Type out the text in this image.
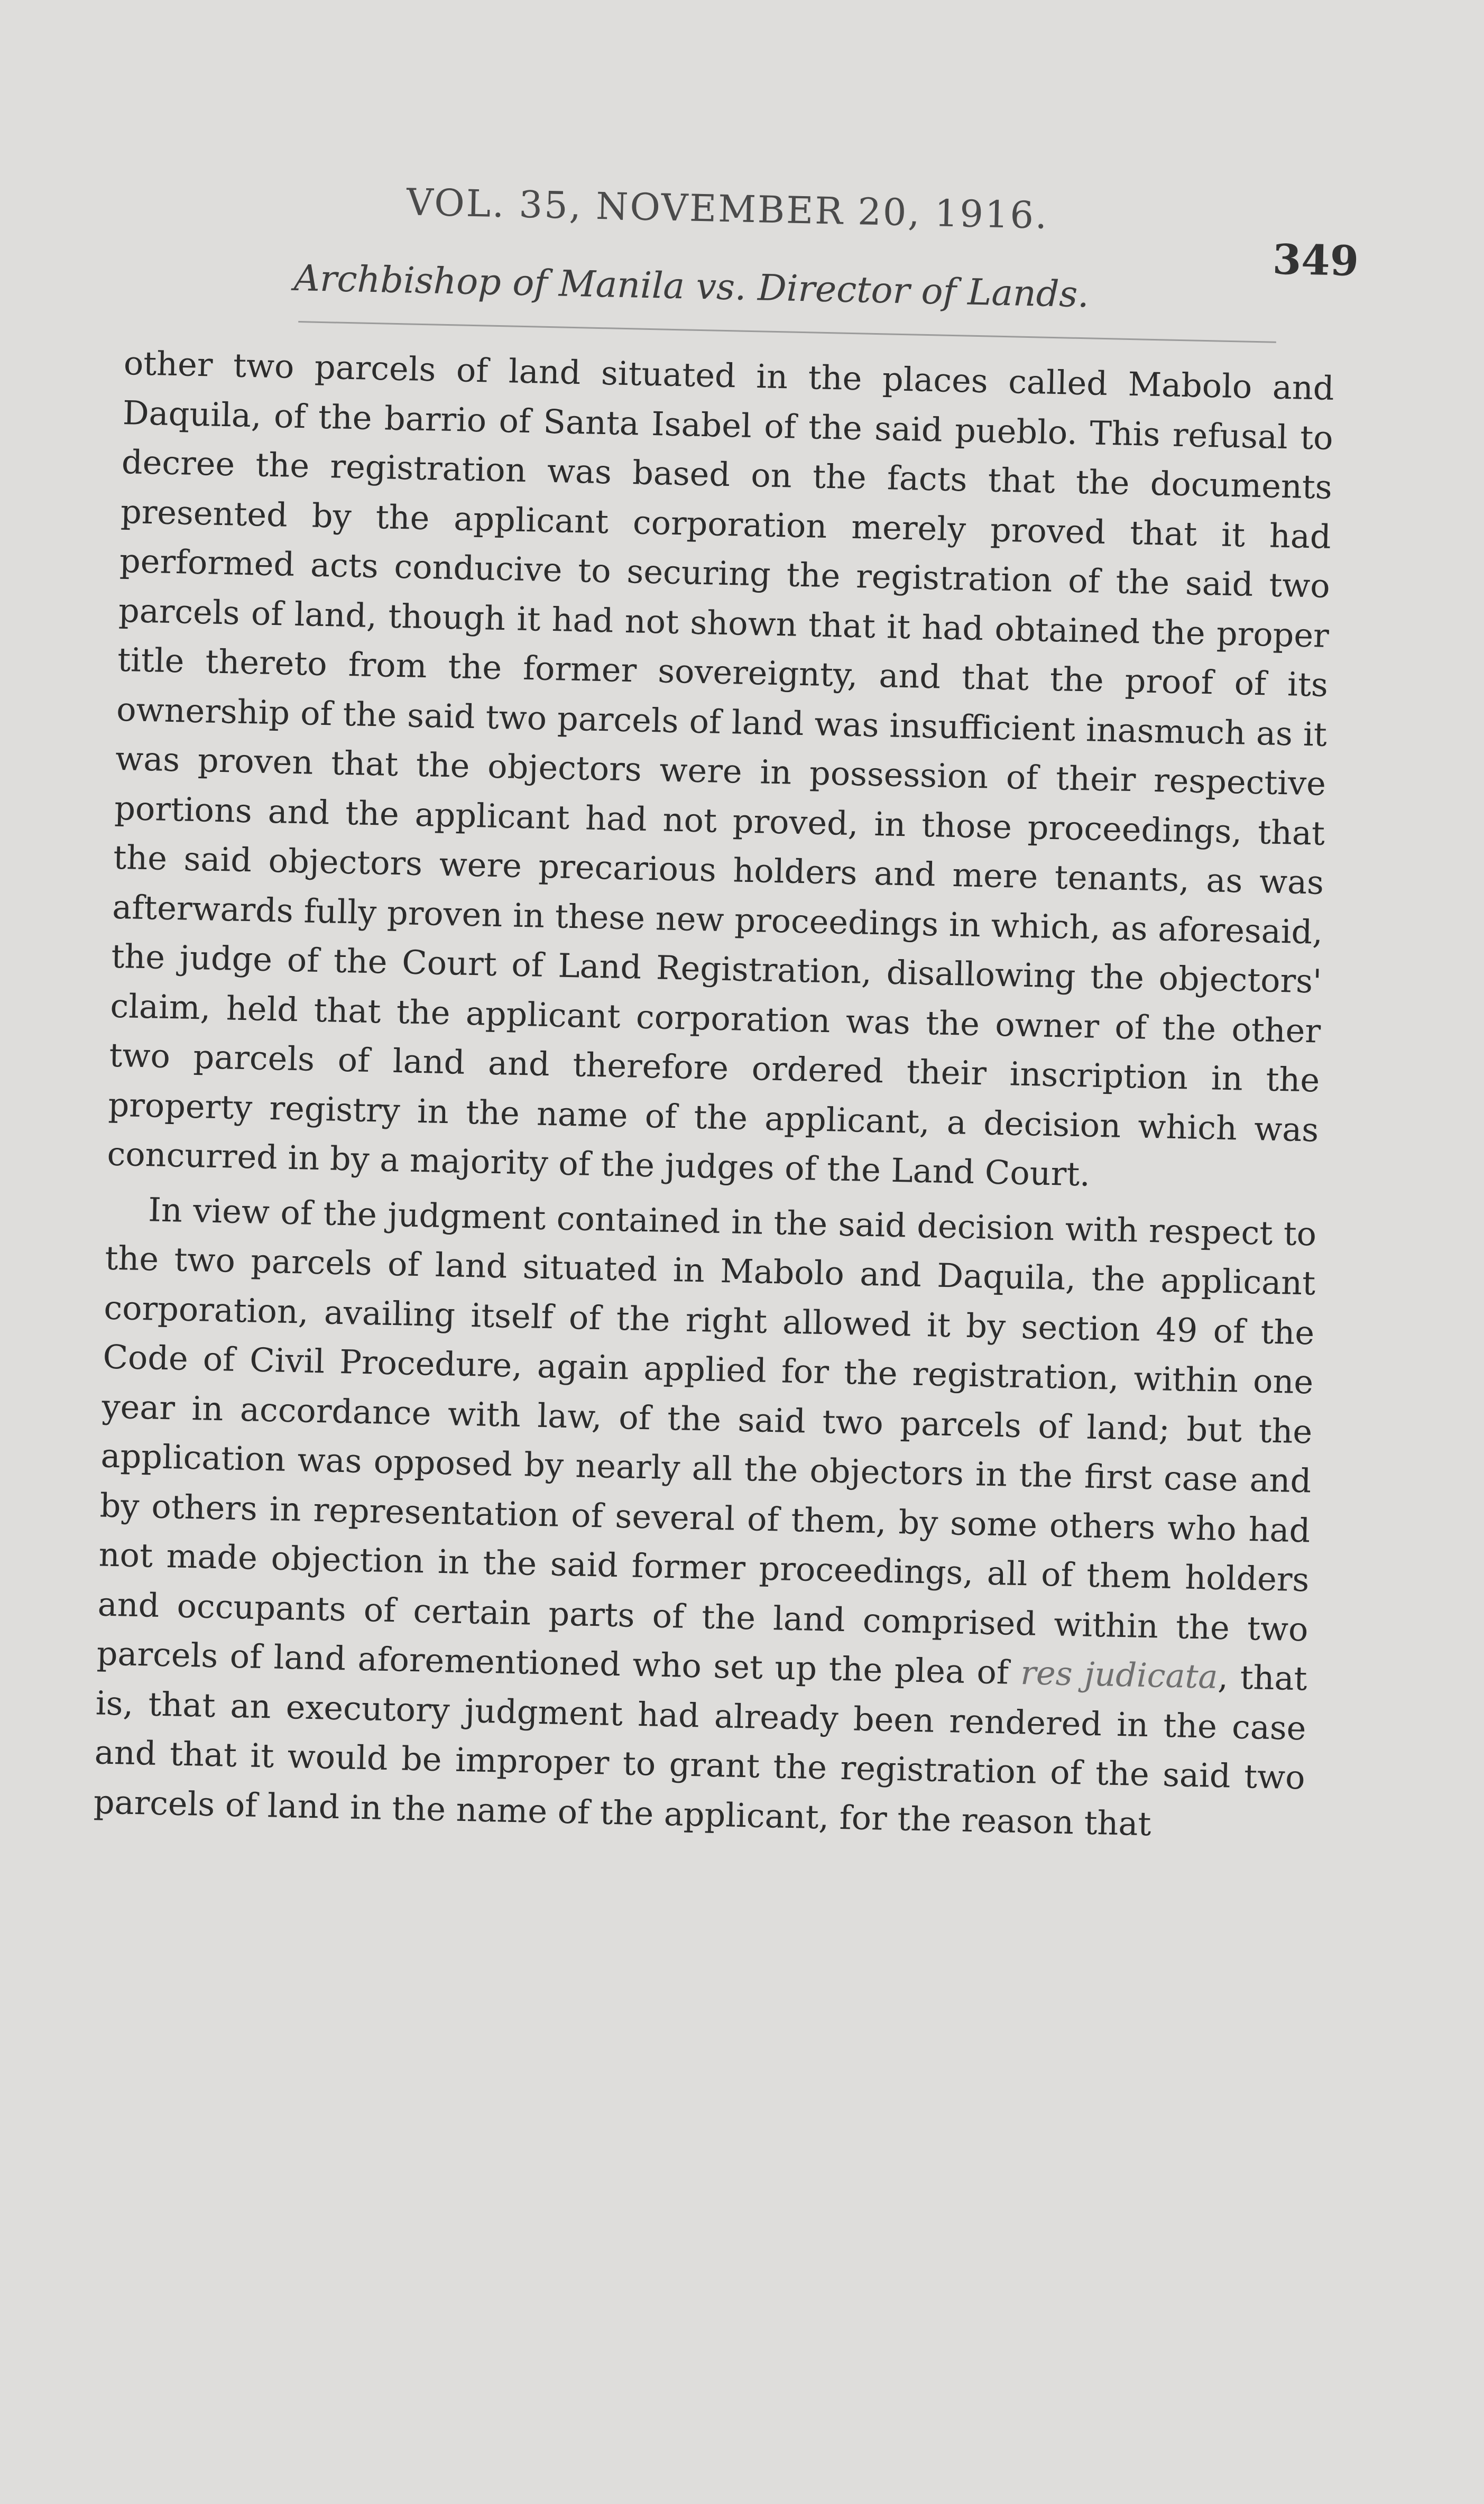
VOL. 35, NOVEMBER 20, 1916.
349
Archbishop of Manila vs. Director of Lands.

other two parcels of land situated in the places called Mabolo and Daquila, of the barrio of Santa Isabel of the said pueblo. This refusal to decree the registration was based on the facts that the documents presented by the applicant corporation merely proved that it had performed acts conducive to securing the registration of the said two parcels of land, though it had not shown that it had obtained the proper title thereto from the former sovereignty, and that the proof of its ownership of the said two parcels of land was insufficient inasmuch as it was proven that the objectors were in possession of their respective portions and the applicant had not proved, in those proceedings, that the said objectors were precarious holders and mere tenants, as was afterwards fully proven in these new proceedings in which, as aforesaid, the judge of the Court of Land Registration, disallowing the objectors' claim, held that the applicant corporation was the owner of the other two parcels of land and therefore ordered their inscription in the property registry in the name of the applicant, a decision which was concurred in by a majority of the judges of the Land Court.

In view of the judgment contained in the said decision with respect to the two parcels of land situated in Mabolo and Daquila, the applicant corporation, availing itself of the right allowed it by section 49 of the Code of Civil Procedure, again applied for the registration, within one year in accordance with law, of the said two parcels of land; but the application was opposed by nearly all the objectors in the first case and by others in representation of several of them, by some others who had not made objection in the said former proceedings, all of them holders and occupants of certain parts of the land comprised within the two parcels of land aforementioned who set up the plea of res judicata, that is, that an executory judgment had already been rendered in the case and that it would be improper to grant the registration of the said two parcels of land in the name of the applicant, for the reason that
